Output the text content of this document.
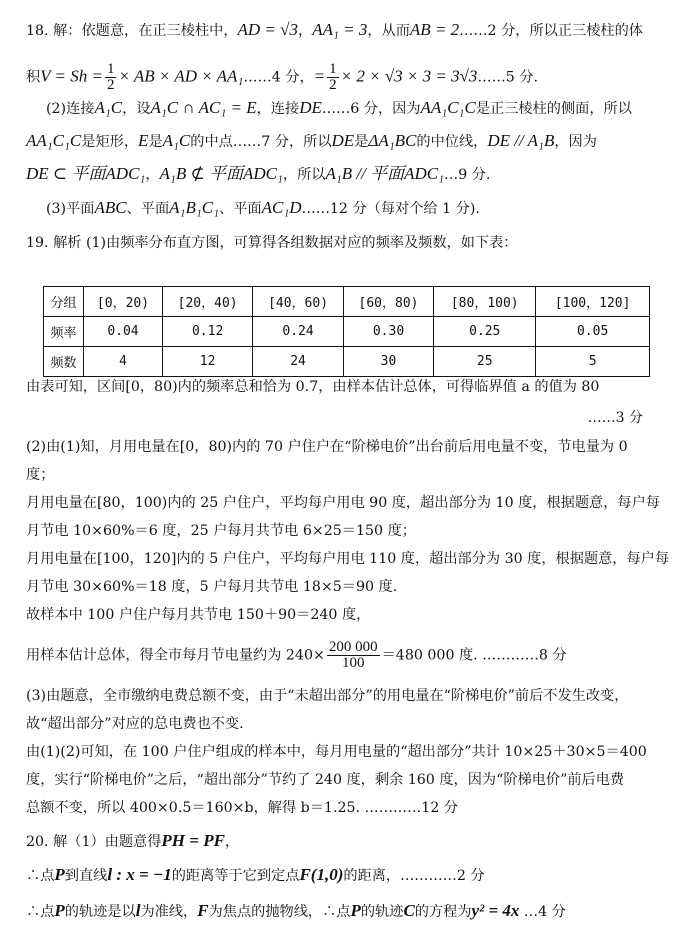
18. 解：依题意，在正三棱柱中，AD = √3，AA₁ = 3，从而AB = 2……2 分，所以正三棱柱的体
积$V = Sh = \frac{1}{2}$ × AB × AD × AA₁……4 分，= $\frac{1}{2} \times 2 \times √3 \times 3$ = 3√3……5 分.
(2)连接A₁C，设A₁C ∩ AC₁ = E，连接DE……6 分，因为AA₁C₁C是正三棱柱的侧面，所以
AA₁C₁C是矩形，E是A₁C的中点……7 分，所以DE是ΔA₁BC的中位线，DE // A₁B，因为
DE ⊂ 平面ADC₁，A₁B ⊄ 平面ADC₁，所以A₁B // 平面ADC₁…9 分.
(3)平面ABC、平面A₁B₁C₁、平面AC₁D……12 分（每对个给 1 分).
19. 解析 (1)由频率分布直方图，可算得各组数据对应的频率及频数，如下表：
分组	[0，20)	[20，40)	[40，60)	[60，80)	[80，100)	[100，120]
频率	0.04	0.12	0.24	0.30	0.25	0.05
频数	4	12	24	30	25	5
由表可知，区间[0，80)内的频率总和恰为 0.7，由样本估计总体，可得临界值 a 的值为 80
……3 分
(2)由(1)知，月用电量在[0，80)内的 70 户住户在“阶梯电价”出台前后用电量不变，节电量为 0
度；
月用电量在[80，100)内的 25 户住户，平均每户用电 90 度，超出部分为 10 度，根据题意，每户每
月节电 10×60%＝6 度，25 户每月共节电 6×25＝150 度；
月用电量在[100，120]内的 5 户住户，平均每户用电 110 度，超出部分为 30 度，根据题意，每户每
月节电 30×60%＝18 度，5 户每月共节电 18×5＝90 度.
故样本中 100 户住户每月共节电 150＋90＝240 度，
用样本估计总体，得全市每月节电量约为 $240\times \frac{200 000}{100} =480$ 000 度. …………8 分
(3)由题意，全市缴纳电费总额不变，由于“未超出部分”的用电量在“阶梯电价”前后不发生改变，
故“超出部分”对应的总电费也不变.
由(1)(2)可知，在 100 户住户组成的样本中，每月用电量的“超出部分”共计 10×25＋30×5＝400
度，实行“阶梯电价”之后，“超出部分”节约了 240 度，剩余 160 度，因为“阶梯电价”前后电费
总额不变，所以 400×0.5＝160×b，解得 b＝1.25. …………12 分
20. 解（1）由题意得PH = PF，
∴点P到直线l : x = −1的距离等于它到定点F(1,0)的距离，…………2 分
∴点P的轨迹是以l为准线，F为焦点的抛物线，∴点P的轨迹C的方程为y² = 4x …4 分
